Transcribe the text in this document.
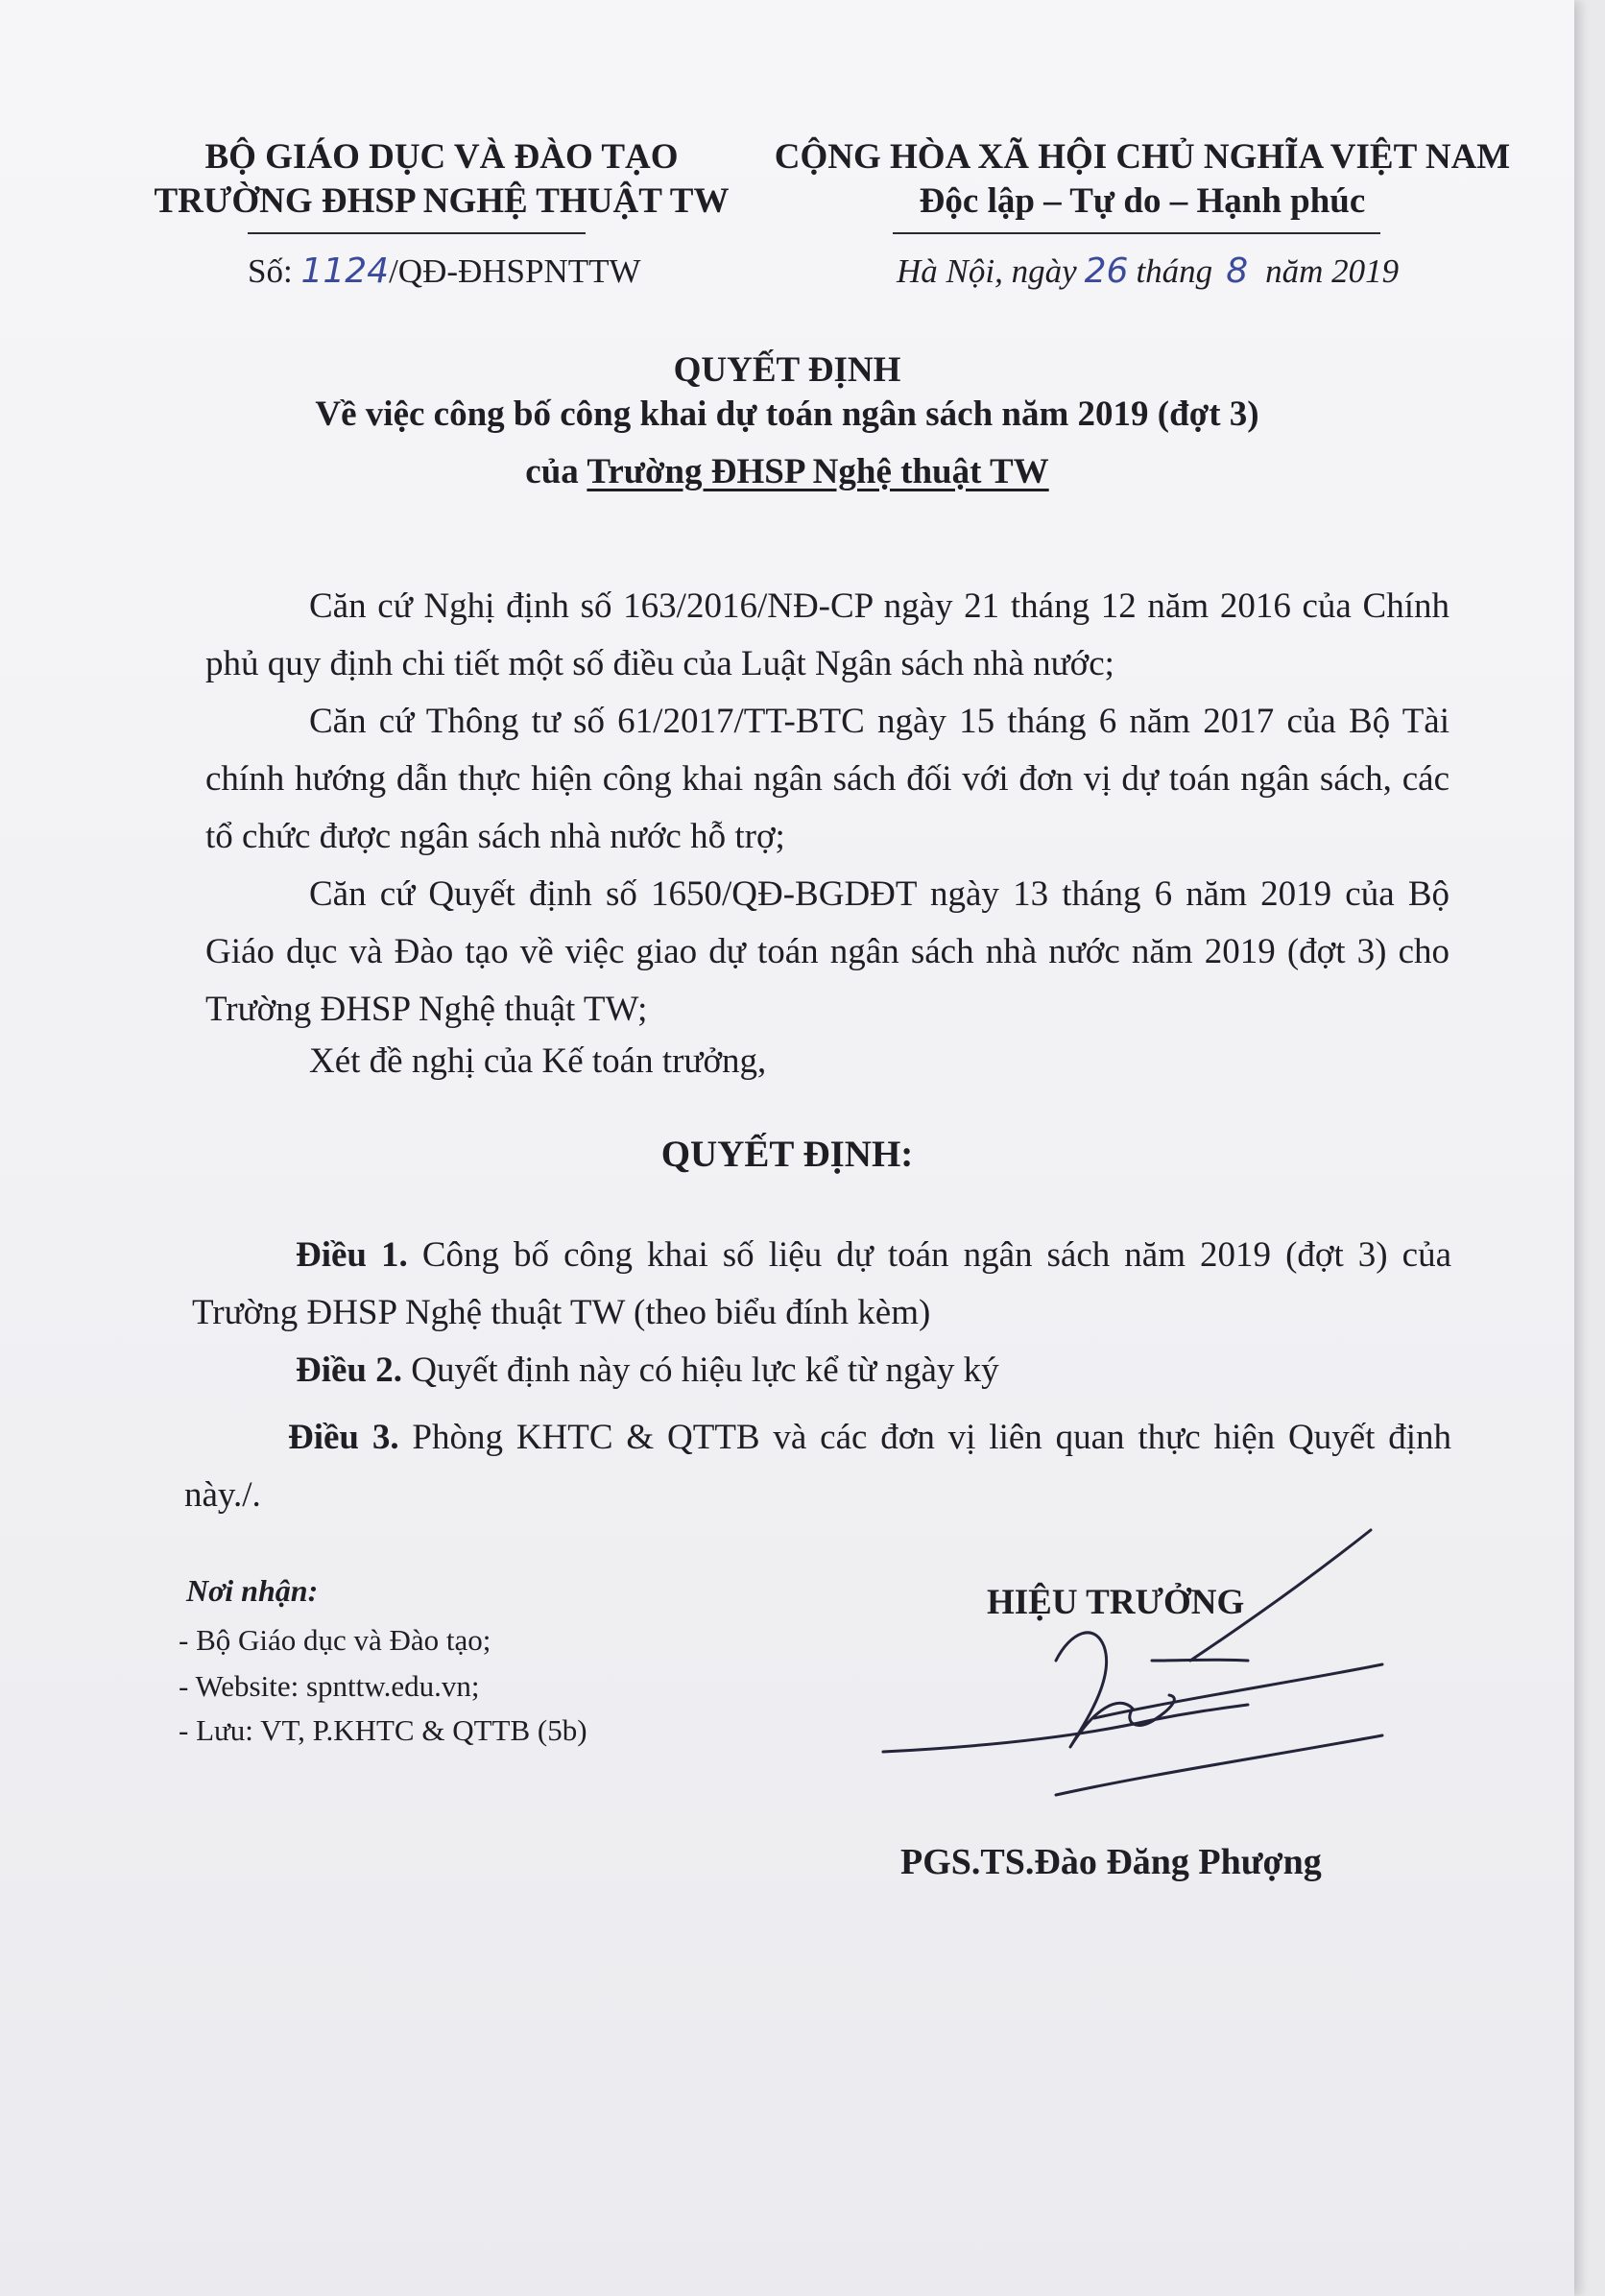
BỘ GIÁO DỤC VÀ ĐÀO TẠO
TRƯỜNG ĐHSP NGHỆ THUẬT TW
CỘNG HÒA XÃ HỘI CHỦ NGHĨA VIỆT NAM
Độc lập – Tự do – Hạnh phúc
Số: 1124/QĐ-ĐHSPNTTW	Hà Nội, ngày 26 tháng 8 năm 2019
QUYẾT ĐỊNH
Về việc công bố công khai dự toán ngân sách năm 2019 (đợt 3)
của Trường ĐHSP Nghệ thuật TW
Căn cứ Nghị định số 163/2016/NĐ-CP ngày 21 tháng 12 năm 2016 của Chính phủ quy định chi tiết một số điều của Luật Ngân sách nhà nước;
Căn cứ Thông tư số 61/2017/TT-BTC ngày 15 tháng 6 năm 2017 của Bộ Tài chính hướng dẫn thực hiện công khai ngân sách đối với đơn vị dự toán ngân sách, các tổ chức được ngân sách nhà nước hỗ trợ;
Căn cứ Quyết định số 1650/QĐ-BGDĐT ngày 13 tháng 6 năm 2019 của Bộ Giáo dục và Đào tạo về việc giao dự toán ngân sách nhà nước năm 2019 (đợt 3) cho Trường ĐHSP Nghệ thuật TW;
Xét đề nghị của Kế toán trưởng,
QUYẾT ĐỊNH:
Điều 1. Công bố công khai số liệu dự toán ngân sách năm 2019 (đợt 3) của Trường ĐHSP Nghệ thuật TW (theo biểu đính kèm)
Điều 2. Quyết định này có hiệu lực kể từ ngày ký
Điều 3. Phòng KHTC & QTTB và các đơn vị liên quan thực hiện Quyết định này./.
Nơi nhận:
- Bộ Giáo dục và Đào tạo;
- Website: spnttw.edu.vn;
- Lưu: VT, P.KHTC & QTTB (5b)
HIỆU TRƯỞNG
PGS.TS.Đào Đăng Phượng
